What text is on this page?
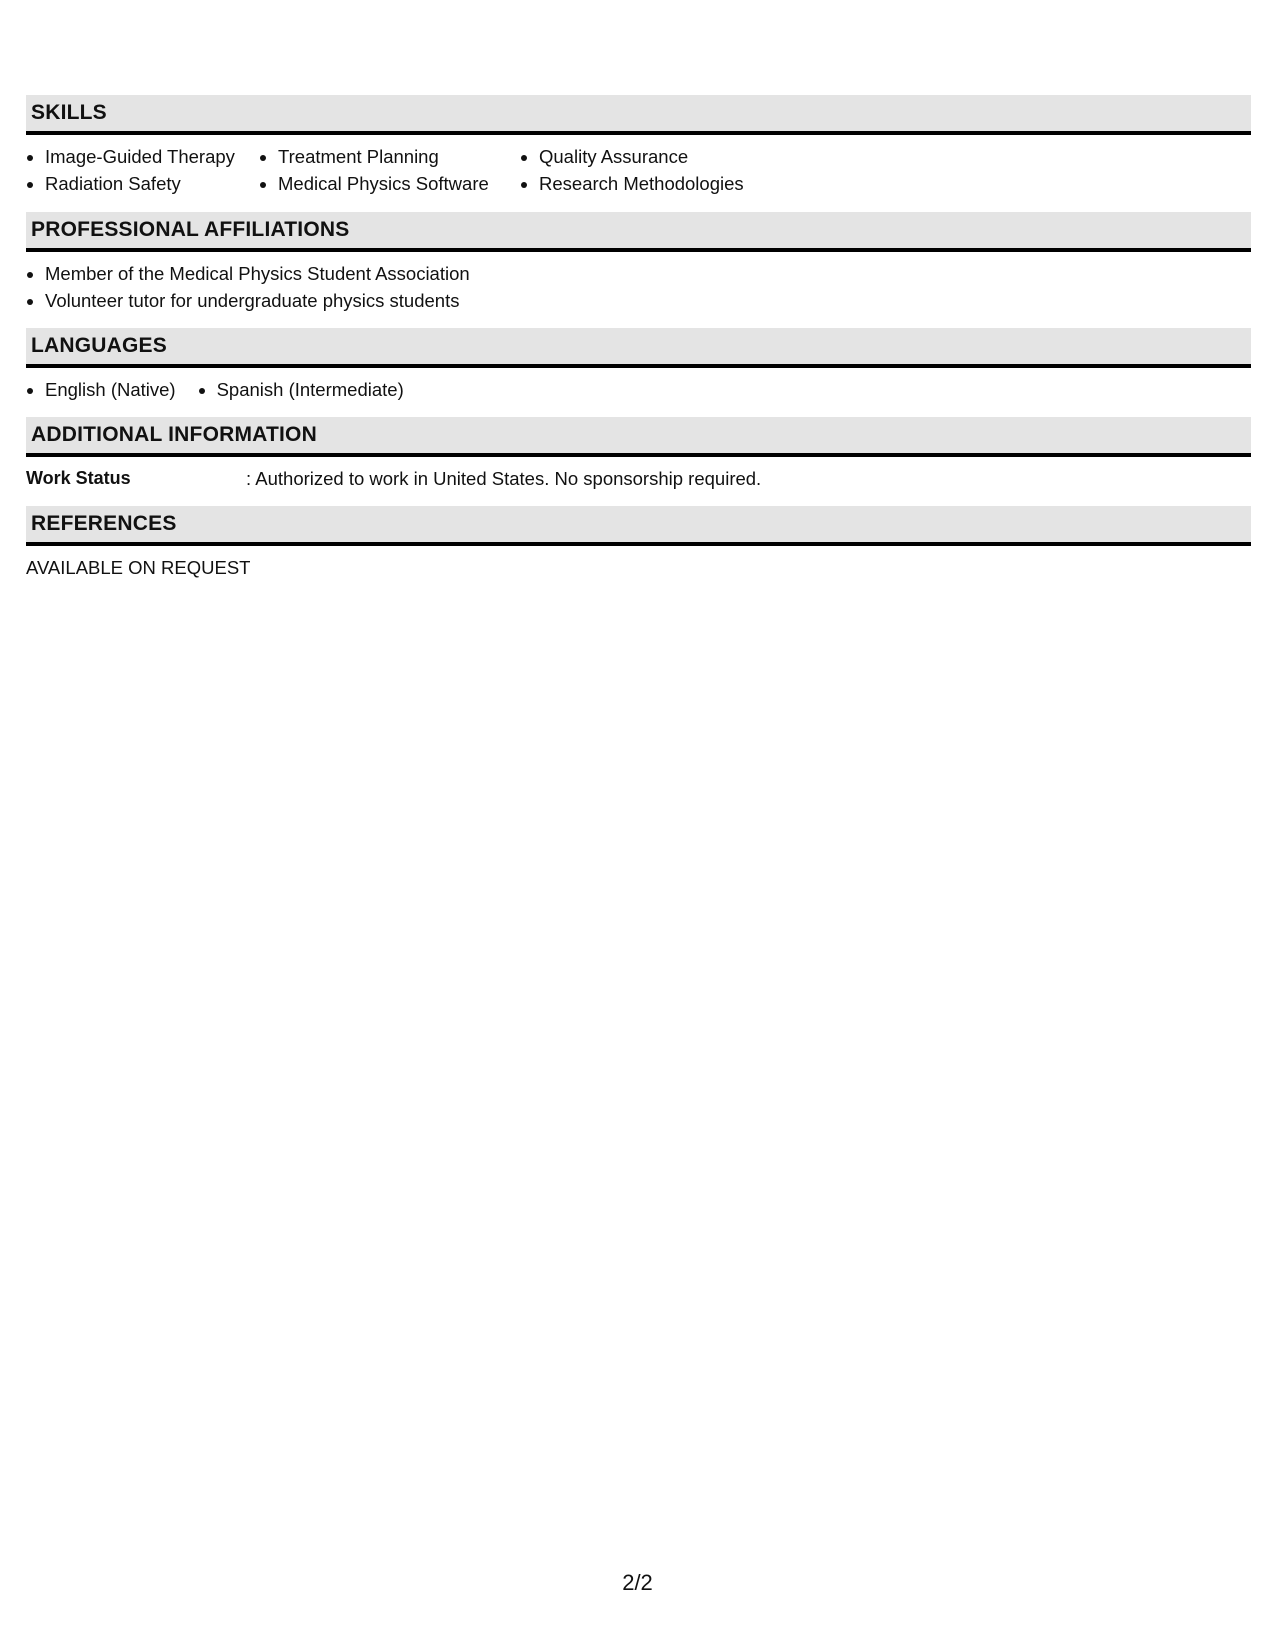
SKILLS
Image-Guided Therapy
Radiation Safety
Treatment Planning
Medical Physics Software
Quality Assurance
Research Methodologies
PROFESSIONAL AFFILIATIONS
Member of the Medical Physics Student Association
Volunteer tutor for undergraduate physics students
LANGUAGES
English (Native)	Spanish (Intermediate)
ADDITIONAL INFORMATION
Work Status	: Authorized to work in United States. No sponsorship required.
REFERENCES
AVAILABLE ON REQUEST
2/2
